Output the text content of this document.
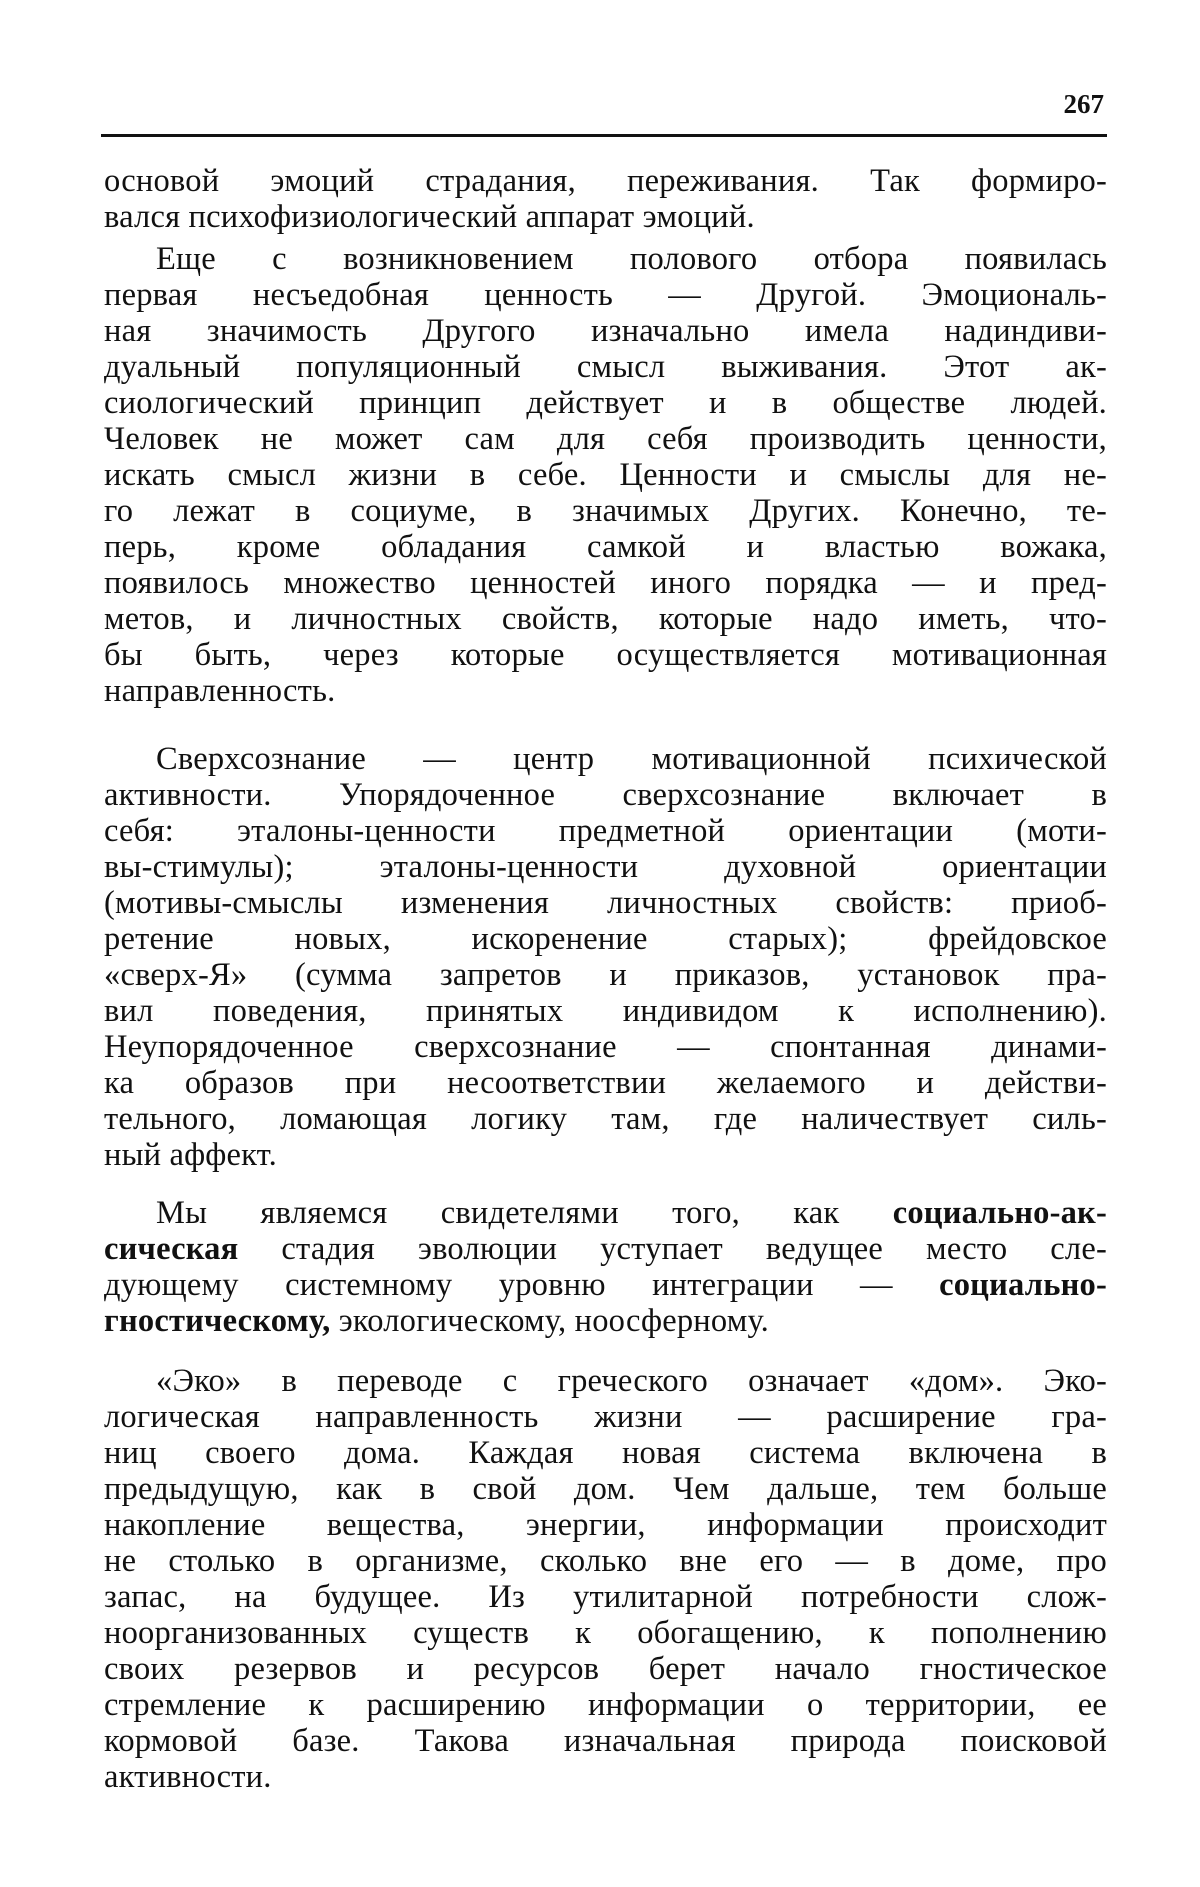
267
основой эмоций страдания, переживания. Так формиро-
вался психофизиологический аппарат эмоций.
Еще с возникновением полового отбора появилась
первая несъедобная ценность — Другой. Эмоциональ-
ная значимость Другого изначально имела надиндиви-
дуальный популяционный смысл выживания. Этот ак-
сиологический принцип действует и в обществе людей.
Человек не может сам для себя производить ценности,
искать смысл жизни в себе. Ценности и смыслы для не-
го лежат в социуме, в значимых Других. Конечно, те-
перь, кроме обладания самкой и властью вожака,
появилось множество ценностей иного порядка — и пред-
метов, и личностных свойств, которые надо иметь, что-
бы быть, через которые осуществляется мотивационная
направленность.
Сверхсознание — центр мотивационной психической
активности. Упорядоченное сверхсознание включает в
себя: эталоны-ценности предметной ориентации (моти-
вы-стимулы); эталоны-ценности духовной ориентации
(мотивы-смыслы изменения личностных свойств: приоб-
ретение новых, искоренение старых); фрейдовское
«сверх-Я» (сумма запретов и приказов, установок пра-
вил поведения, принятых индивидом к исполнению).
Неупорядоченное сверхсознание — спонтанная динами-
ка образов при несоответствии желаемого и действи-
тельного, ломающая логику там, где наличествует силь-
ный аффект.
Мы являемся свидетелями того, как социально-ак-
сическая стадия эволюции уступает ведущее место сле-
дующему системному уровню интеграции — социально-
гностическому, экологическому, ноосферному.
«Эко» в переводе с греческого означает «дом». Эко-
логическая направленность жизни — расширение гра-
ниц своего дома. Каждая новая система включена в
предыдущую, как в свой дом. Чем дальше, тем больше
накопление вещества, энергии, информации происходит
не столько в организме, сколько вне его — в доме, про
запас, на будущее. Из утилитарной потребности слож-
ноорганизованных существ к обогащению, к пополнению
своих резервов и ресурсов берет начало гностическое
стремление к расширению информации о территории, ее
кормовой базе. Такова изначальная природа поисковой
активности.
